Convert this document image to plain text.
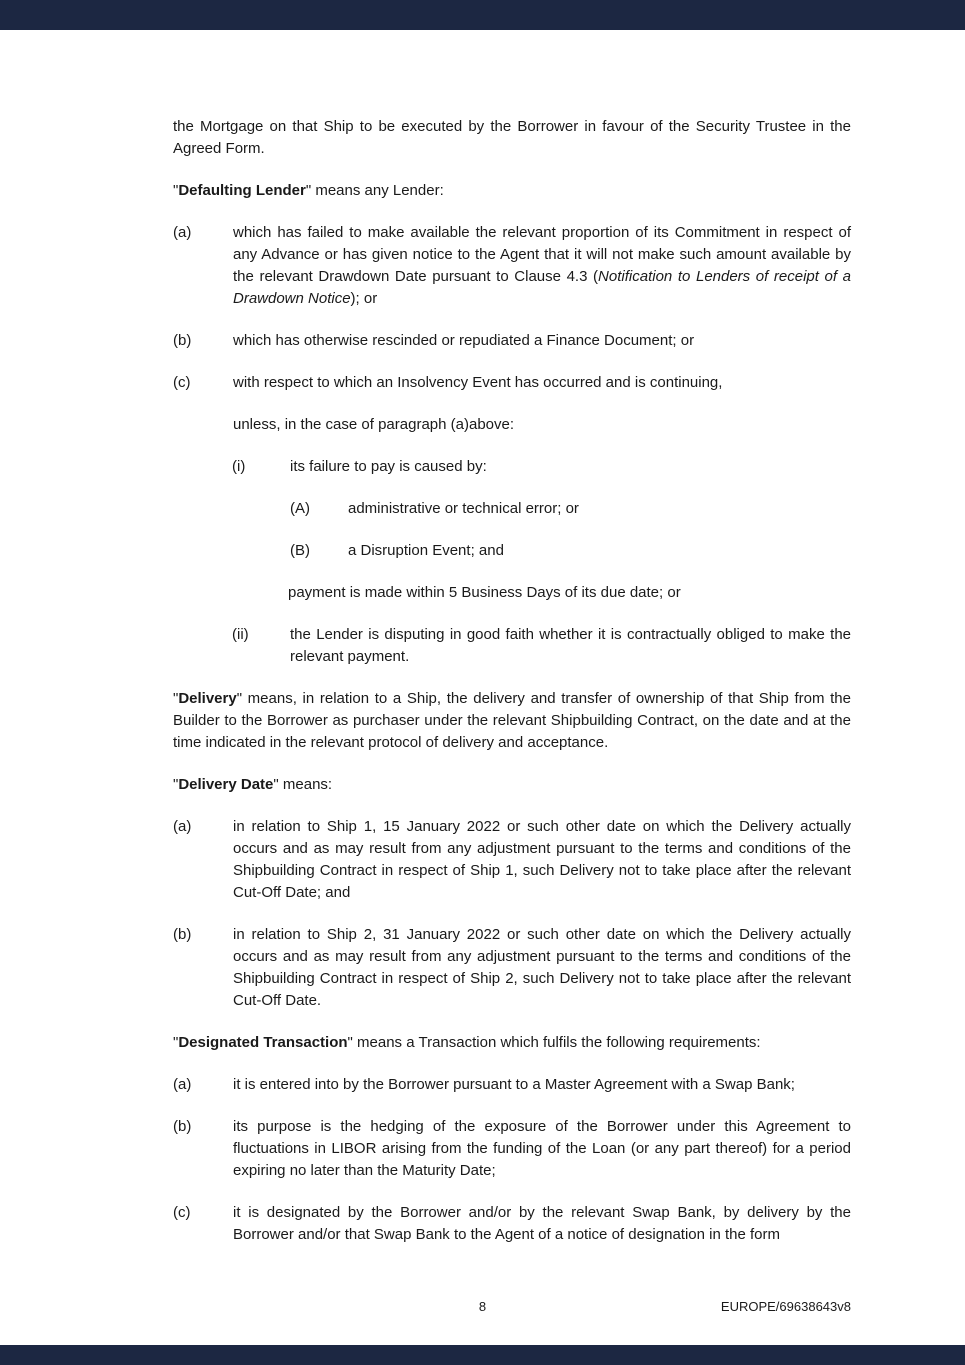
the Mortgage on that Ship to be executed by the Borrower in favour of the Security Trustee in the Agreed Form.
"Defaulting Lender" means any Lender:
(a)	which has failed to make available the relevant proportion of its Commitment in respect of any Advance or has given notice to the Agent that it will not make such amount available by the relevant Drawdown Date pursuant to Clause 4.3 (Notification to Lenders of receipt of a Drawdown Notice); or
(b)	which has otherwise rescinded or repudiated a Finance Document; or
(c)	with respect to which an Insolvency Event has occurred and is continuing,
unless, in the case of paragraph (a)above:
(i)	its failure to pay is caused by:
(A)	administrative or technical error; or
(B)	a Disruption Event; and
payment is made within 5 Business Days of its due date; or
(ii)	the Lender is disputing in good faith whether it is contractually obliged to make the relevant payment.
"Delivery" means, in relation to a Ship, the delivery and transfer of ownership of that Ship from the Builder to the Borrower as purchaser under the relevant Shipbuilding Contract, on the date and at the time indicated in the relevant protocol of delivery and acceptance.
"Delivery Date" means:
(a)	in relation to Ship 1, 15 January 2022 or such other date on which the Delivery actually occurs and as may result from any adjustment pursuant to the terms and conditions of the Shipbuilding Contract in respect of Ship 1, such Delivery not to take place after the relevant Cut-Off Date; and
(b)	in relation to Ship 2, 31 January 2022 or such other date on which the Delivery actually occurs and as may result from any adjustment pursuant to the terms and conditions of the Shipbuilding Contract in respect of Ship 2, such Delivery not to take place after the relevant Cut-Off Date.
"Designated Transaction" means a Transaction which fulfils the following requirements:
(a)	it is entered into by the Borrower pursuant to a Master Agreement with a Swap Bank;
(b)	its purpose is the hedging of the exposure of the Borrower under this Agreement to fluctuations in LIBOR arising from the funding of the Loan (or any part thereof) for a period expiring no later than the Maturity Date;
(c)	it is designated by the Borrower and/or by the relevant Swap Bank, by delivery by the Borrower and/or that Swap Bank to the Agent of a notice of designation in the form
8	EUROPE/69638643v8
